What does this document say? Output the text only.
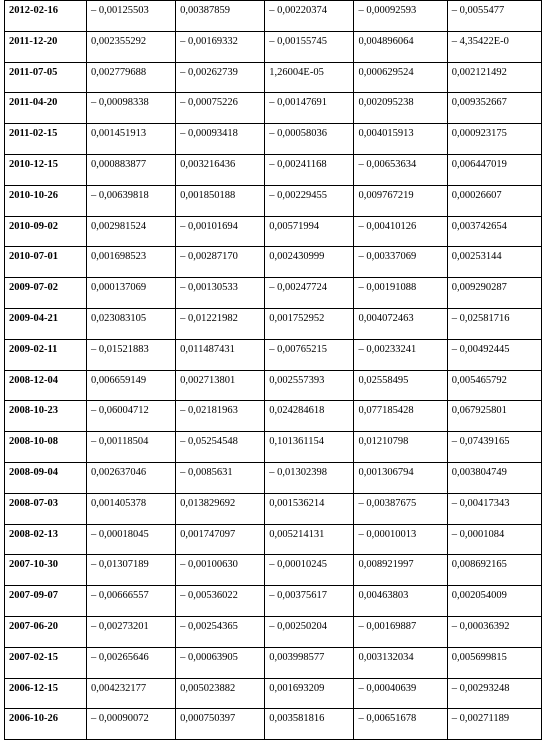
2012-02-16	– 0,00125503	0,00387859	– 0,00220374	– 0,00092593	– 0,0055477
2011-12-20	0,002355292	– 0,00169332	– 0,00155745	0,004896064	– 4,35422E-0
2011-07-05	0,002779688	– 0,00262739	1,26004E-05	0,000629524	0,002121492
2011-04-20	– 0,00098338	– 0,00075226	– 0,00147691	0,002095238	0,009352667
2011-02-15	0,001451913	– 0,00093418	– 0,00058036	0,004015913	0,000923175
2010-12-15	0,000883877	0,003216436	– 0,00241168	– 0,00653634	0,006447019
2010-10-26	– 0,00639818	0,001850188	– 0,00229455	0,009767219	0,00026607
2010-09-02	0,002981524	– 0,00101694	0,00571994	– 0,00410126	0,003742654
2010-07-01	0,001698523	– 0,00287170	0,002430999	– 0,00337069	0,00253144
2009-07-02	0,000137069	– 0,00130533	– 0,00247724	– 0,00191088	0,009290287
2009-04-21	0,023083105	– 0,01221982	0,001752952	0,004072463	– 0,02581716
2009-02-11	– 0,01521883	0,011487431	– 0,00765215	– 0,00233241	– 0,00492445
2008-12-04	0,006659149	0,002713801	0,002557393	0,02558495	0,005465792
2008-10-23	– 0,06004712	– 0,02181963	0,024284618	0,077185428	0,067925801
2008-10-08	– 0,00118504	– 0,05254548	0,101361154	0,01210798	– 0,07439165
2008-09-04	0,002637046	– 0,0085631	– 0,01302398	0,001306794	0,003804749
2008-07-03	0,001405378	0,013829692	0,001536214	– 0,00387675	– 0,00417343
2008-02-13	– 0,00018045	0,001747097	0,005214131	– 0,00010013	– 0,0001084
2007-10-30	– 0,01307189	– 0,00100630	– 0,00010245	0,008921997	0,008692165
2007-09-07	– 0,00666557	– 0,00536022	– 0,00375617	0,00463803	0,002054009
2007-06-20	– 0,00273201	– 0,00254365	– 0,00250204	– 0,00169887	– 0,00036392
2007-02-15	– 0,00265646	– 0,00063905	0,003998577	0,003132034	0,005699815
2006-12-15	0,004232177	0,005023882	0,001693209	– 0,00040639	– 0,00293248
2006-10-26	– 0,00090072	0,000750397	0,003581816	– 0,00651678	– 0,00271189
